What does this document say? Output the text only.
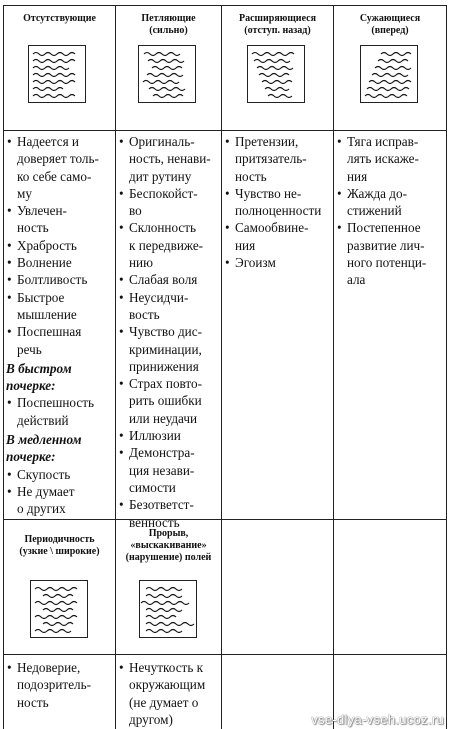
Отсутствующие	Петляющие
(сильно)
Расширяющиеся
(отступ. назад)
Сужающиеся
(вперед)

• Надеется и
доверяет толь-
ко себе само-
му

• Увлечен-
ность

• Храбрость

• Волнение

• Болтливость

• Быстрое
мышление

• Поспешная
речь

В быстром
почерке:

• Поспешность
действий

В медленном
почерке:

• Скупость

• Не думает
о других

• Оригиналь-
ность, ненави-
дит рутину

• Беспокойст-
во

• Склонность
к передвиже-
нию

• Слабая воля

• Неусидчи-
вость

• Чувство дис-
криминации,
принижения

• Страх повто-
рить ошибки
или неудачи

• Иллюзии

• Демонстра-
ция незави-
симости

• Безответст-
венность

• Претензии,
притязатель-
ность

• Чувство не-
полноценности

• Самообвине-
ния

• Эгоизм

• Тяга исправ-
лять искаже-
ния

• Жажда до-
стижений

• Постепенное
развитие лич-
ного потенци-
ала

Периодичность
(узкие \ широкие)
Прорыв,
«выскакивание»
(нарушение) полей

• Недоверие,
подозритель-
ность

• Нечуткость к
окружающим
(не думает о
другом)	vse-dlya-vseh.ucoz.ru
